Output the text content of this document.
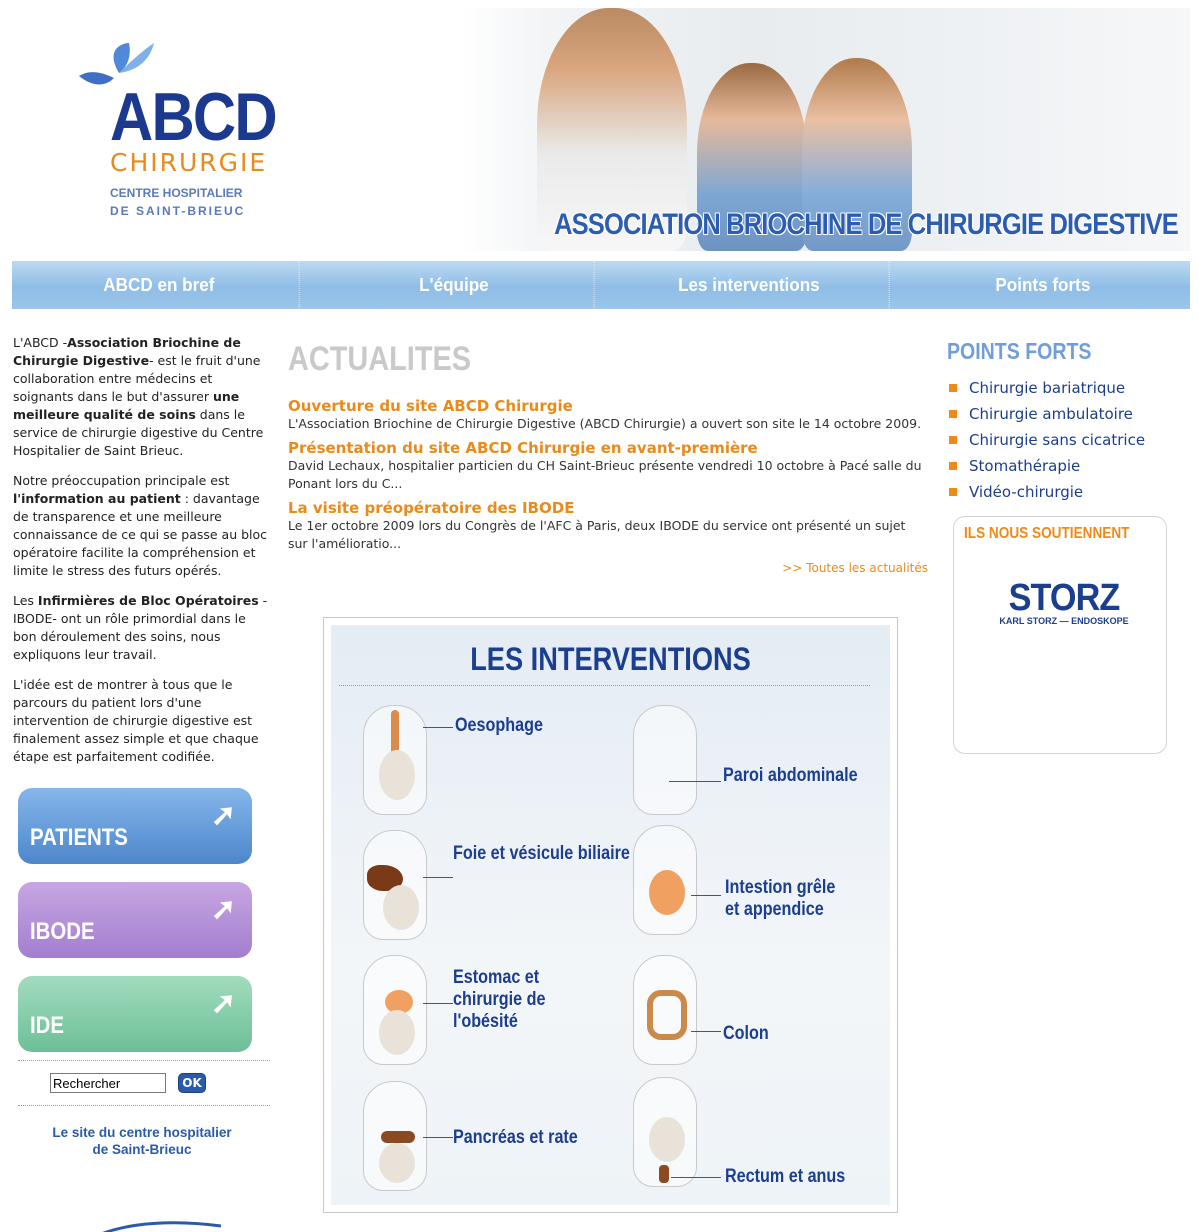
ABCD
CHIRURGIE
CENTRE HOSPITALIER
DE SAINT-BRIEUC	ASSOCIATION BRIOCHINE DE CHIRURGIE DIGESTIVE
ABCD en bref	L'équipe	Les interventions	Points forts

L'ABCD -Association Briochine de Chirurgie Digestive- est le fruit d'une collaboration entre médecins et soignants dans le but d'assurer une meilleure qualité de soins dans le service de chirurgie digestive du Centre Hospitalier de Saint Brieuc.

Notre préoccupation principale est l'information au patient : davantage de transparence et une meilleure connaissance de ce qui se passe au bloc opératoire facilite la compréhension et limite le stress des futurs opérés.

Les Infirmières de Bloc Opératoires -IBODE- ont un rôle primordial dans le bon déroulement des soins, nous expliquons leur travail.

L'idée est de montrer à tous que le parcours du patient lors d'une intervention de chirurgie digestive est finalement assez simple et que chaque étape est parfaitement codifiée.

➚
PATIENTS
➚
IBODE
➚
IDE
Rechercher
OK
Le site du centre hospitalier
de Saint-Brieuc
ACTUALITES
Ouverture du site ABCD Chirurgie
L'Association Briochine de Chirurgie Digestive (ABCD Chirurgie) a ouvert son site le 14 octobre 2009.
Présentation du site ABCD Chirurgie en avant-première
David Lechaux, hospitalier particien du CH Saint-Brieuc présente vendredi 10 octobre à Pacé salle du Ponant lors du C...
La visite préopératoire des IBODE
Le 1er octobre 2009 lors du Congrès de l'AFC à Paris, deux IBODE du service ont présenté un sujet sur l'amélioratio...
>> Toutes les actualités
LES INTERVENTIONS
Oesophage
Paroi abdominale
Foie et vésicule biliaire
Intestion grêle et appendice
Estomac et chirurgie de l'obésité
Colon
Pancréas et rate
Rectum et anus
POINTS FORTS
Chirurgie bariatrique
Chirurgie ambulatoire
Chirurgie sans cicatrice
Stomathérapie
Vidéo-chirurgie
ILS NOUS SOUTIENNENT
STORZ
KARL STORZ — ENDOSKOPE
